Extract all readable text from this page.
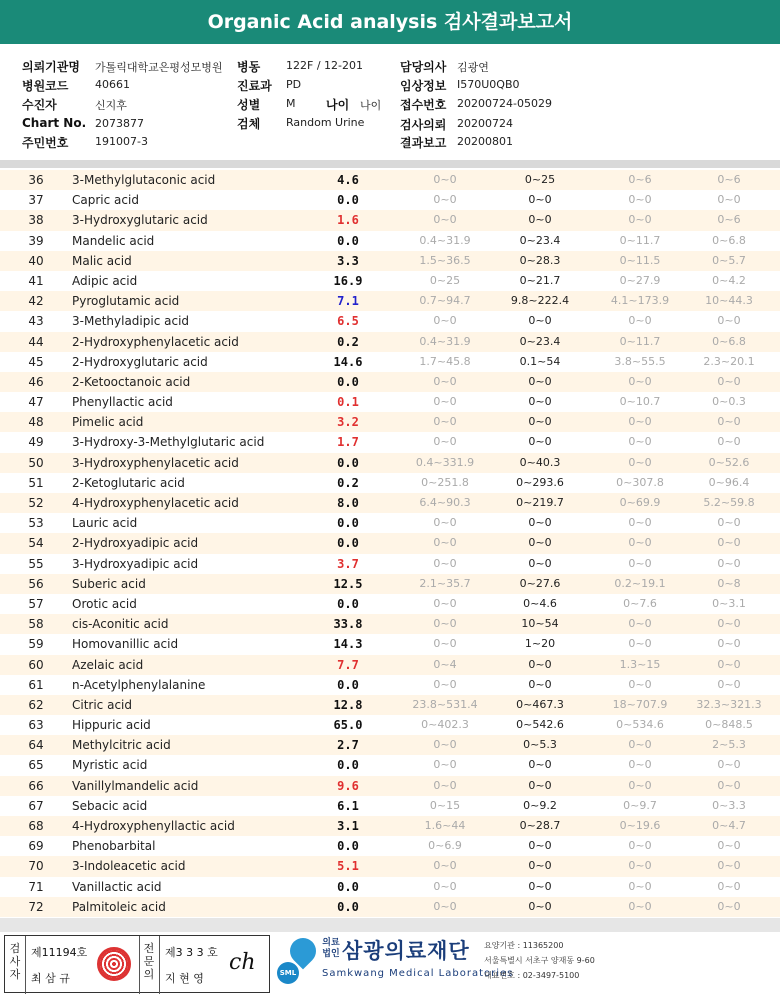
Organic Acid analysis 검사결과보고서
의뢰기관명 가톨릭대학교은평성모병원 병동 122F / 12-201	담당의사 김광연
병원코드 40661	진료과 PD	임상정보 I570U0QB0
수진자	신지후	성별 M	나이 나이 접수번호 20200724-05029
Chart No. 2073877	검체 Random Urine	검사의뢰 20200724
주민번호 191007-3	결과보고 20200801
36	3-Methylglutaconic acid	4.6	0~0	0~25	0~6	0~6
37	Capric acid	0.0	0~0	0~0	0~0	0~0
38	3-Hydroxyglutaric acid	1.6	0~0	0~0	0~0	0~6
39	Mandelic acid	0.0	0.4~31.9	0~23.4	0~11.7	0~6.8
40	Malic acid	3.3	1.5~36.5	0~28.3	0~11.5	0~5.7
41	Adipic acid	16.9	0~25	0~21.7	0~27.9	0~4.2
42	Pyroglutamic acid	7.1	0.7~94.7	9.8~222.4	4.1~173.9	10~44.3
43	3-Methyladipic acid	6.5	0~0	0~0	0~0	0~0
44	2-Hydroxyphenylacetic acid	0.2	0.4~31.9	0~23.4	0~11.7	0~6.8
45	2-Hydroxyglutaric acid	14.6	1.7~45.8	0.1~54	3.8~55.5	2.3~20.1
46	2-Ketooctanoic acid	0.0	0~0	0~0	0~0	0~0
47	Phenyllactic acid	0.1	0~0	0~0	0~10.7	0~0.3
48	Pimelic acid	3.2	0~0	0~0	0~0	0~0
49	3-Hydroxy-3-Methylglutaric acid	1.7	0~0	0~0	0~0	0~0
50	3-Hydroxyphenylacetic acid	0.0	0.4~331.9	0~40.3	0~0	0~52.6
51	2-Ketoglutaric acid	0.2	0~251.8	0~293.6	0~307.8	0~96.4
52	4-Hydroxyphenylacetic acid	8.0	6.4~90.3	0~219.7	0~69.9	5.2~59.8
53	Lauric acid	0.0	0~0	0~0	0~0	0~0
54	2-Hydroxyadipic acid	0.0	0~0	0~0	0~0	0~0
55	3-Hydroxyadipic acid	3.7	0~0	0~0	0~0	0~0
56	Suberic acid	12.5	2.1~35.7	0~27.6	0.2~19.1	0~8
57	Orotic acid	0.0	0~0	0~4.6	0~7.6	0~3.1
58	cis-Aconitic acid	33.8	0~0	10~54	0~0	0~0
59	Homovanillic acid	14.3	0~0	1~20	0~0	0~0
60	Azelaic acid	7.7	0~4	0~0	1.3~15	0~0
61	n-Acetylphenylalanine	0.0	0~0	0~0	0~0	0~0
62	Citric acid	12.8	23.8~531.4	0~467.3	18~707.9	32.3~321.3
63	Hippuric acid	65.0	0~402.3	0~542.6	0~534.6	0~848.5
64	Methylcitric acid	2.7	0~0	0~5.3	0~0	2~5.3
65	Myristic acid	0.0	0~0	0~0	0~0	0~0
66	Vanillylmandelic acid	9.6	0~0	0~0	0~0	0~0
67	Sebacic acid	6.1	0~15	0~9.2	0~9.7	0~3.3
68	4-Hydroxyphenyllactic acid	3.1	1.6~44	0~28.7	0~19.6	0~4.7
69	Phenobarbital	0.0	0~6.9	0~0	0~0	0~0
70	3-Indoleacetic acid	5.1	0~0	0~0	0~0	0~0
71	Vanillactic acid	0.0	0~0	0~0	0~0	0~0
72	Palmitoleic acid	0.0	0~0	0~0	0~0	0~0
검사자
제11194호
최 삼 규
전문의
제3 3 3 호
지 현 영
ch	SML
의료법인 삼광의료재단
Samkwang Medical Laboratories
요양기관 : 11365200
서울특별시 서초구 양재동 9-60
대표번호 : 02-3497-5100
